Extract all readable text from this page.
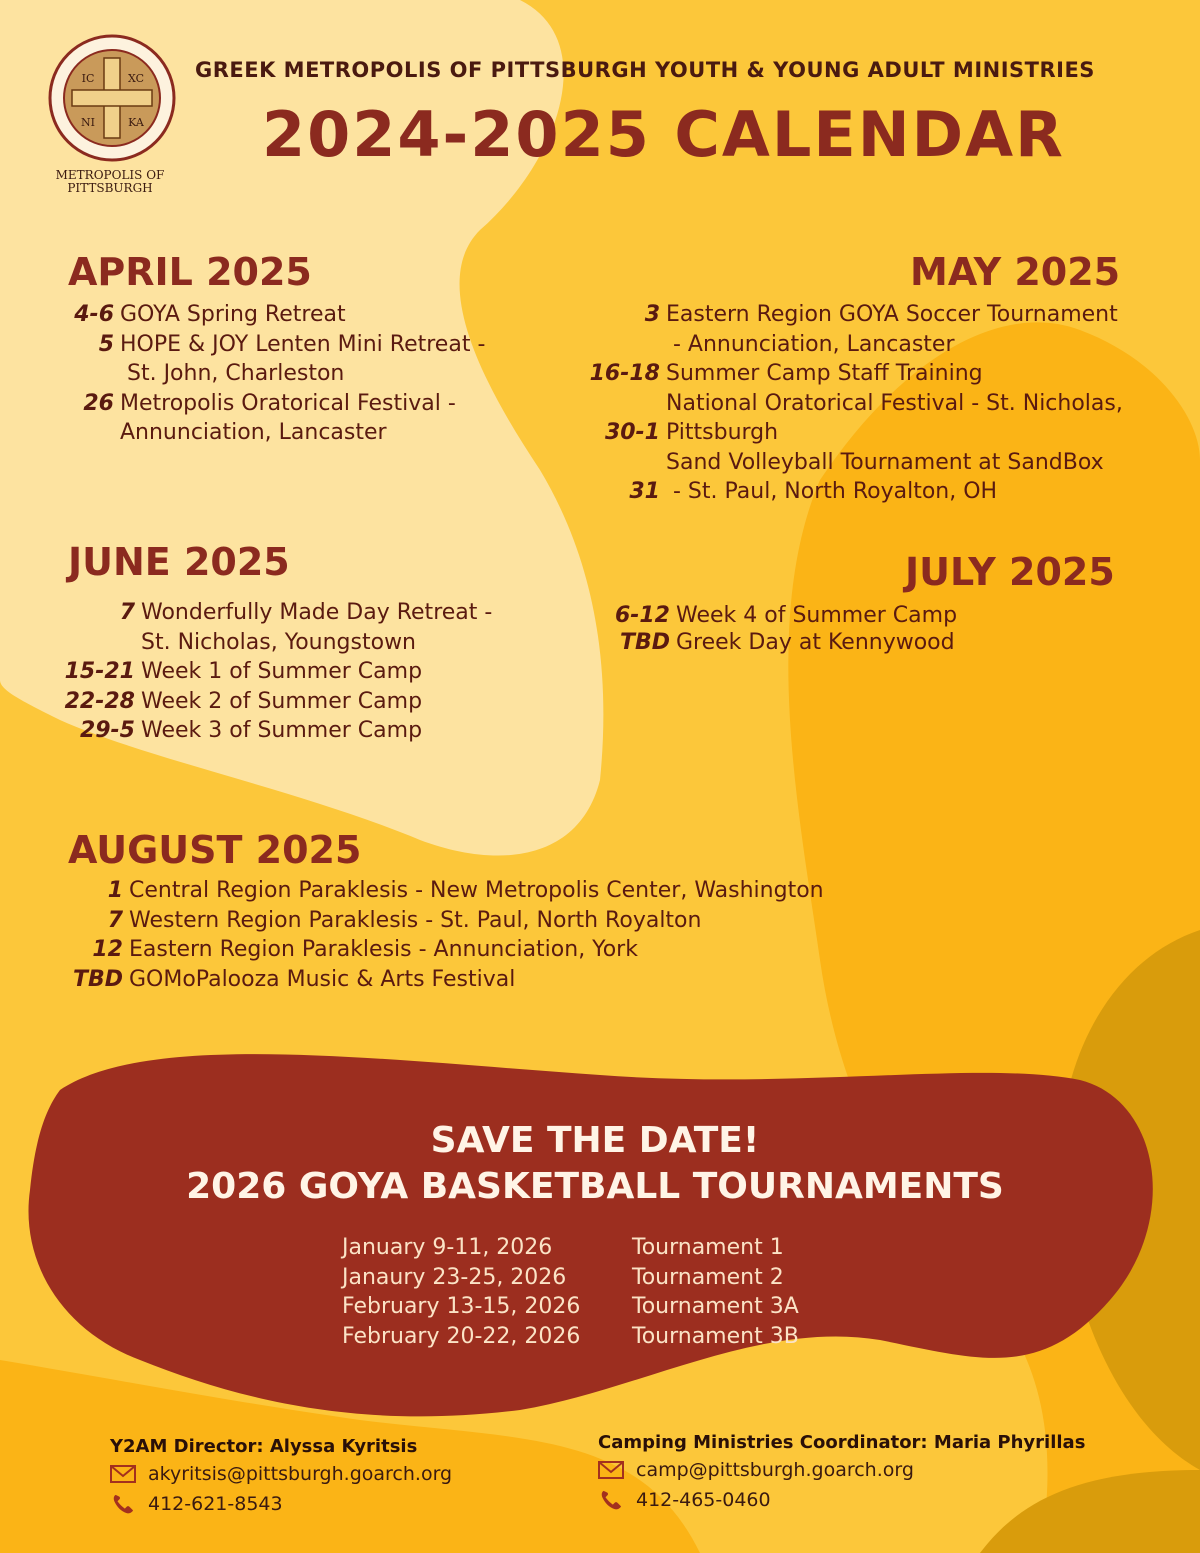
IC	XC
NI	KA
METROPOLIS OF
PITTSBURGH
GREEK METROPOLIS OF PITTSBURGH YOUTH & YOUNG ADULT MINISTRIES
2024-2025 CALENDAR
APRIL 2025
4-6 GOYA Spring Retreat
5 HOPE & JOY Lenten Mini Retreat -
St. John, Charleston
26 Metropolis Oratorical Festival -
Annunciation, Lancaster
MAY 2025
3 Eastern Region GOYA Soccer Tournament
- Annunciation, Lancaster
16-18 Summer Camp Staff Training
National Oratorical Festival - St. Nicholas,
30-1 Pittsburgh
Sand Volleyball Tournament at SandBox
31 - St. Paul, North Royalton, OH
JUNE 2025
7 Wonderfully Made Day Retreat -
St. Nicholas, Youngstown
15-21 Week 1 of Summer Camp
22-28 Week 2 of Summer Camp
29-5 Week 3 of Summer Camp
JULY 2025
6-12 Week 4 of Summer Camp
TBD Greek Day at Kennywood
AUGUST 2025
1 Central Region Paraklesis - New Metropolis Center, Washington
7 Western Region Paraklesis - St. Paul, North Royalton
12 Eastern Region Paraklesis - Annunciation, York
TBD GOMoPalooza Music & Arts Festival
SAVE THE DATE!
2026 GOYA BASKETBALL TOURNAMENTS
January 9-11, 2026	Tournament 1
Janaury 23-25, 2026	Tournament 2
February 13-15, 2026	Tournament 3A
February 20-22, 2026	Tournament 3B
Y2AM Director: Alyssa Kyritsis
akyritsis@pittsburgh.goarch.org
412-621-8543
Camping Ministries Coordinator: Maria Phyrillas
camp@pittsburgh.goarch.org
412-465-0460
